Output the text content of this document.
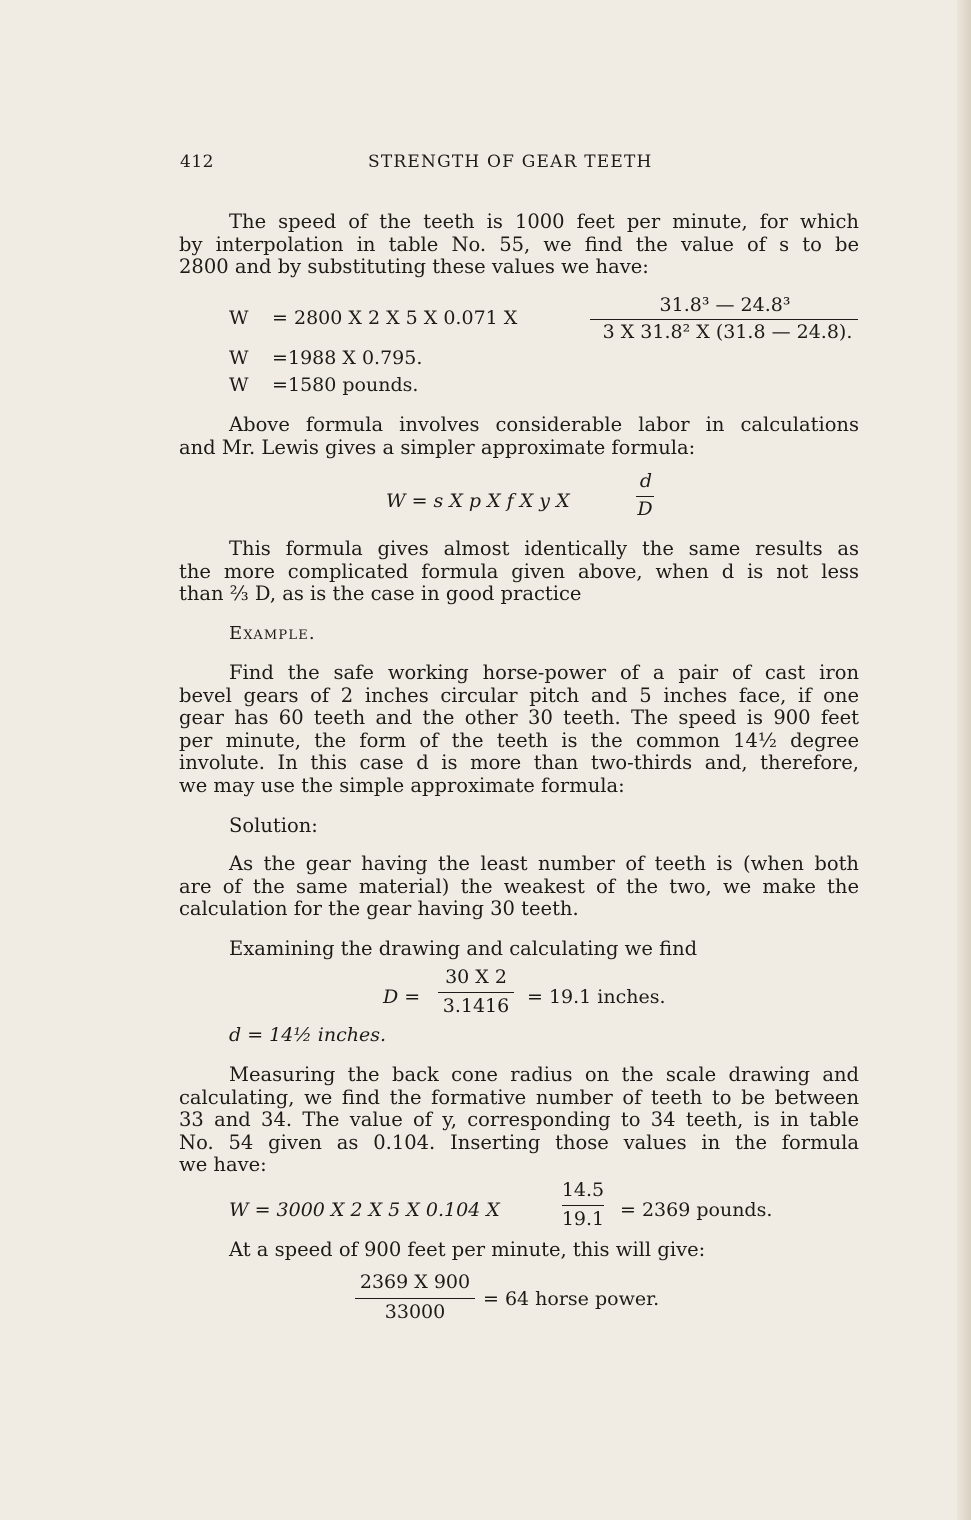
412	STRENGTH OF GEAR TEETH
The speed of the teeth is 1000 feet per minute, for which
by interpolation in table No. 55, we find the value of s to be
2800 and by substituting these values we have:
W = 2800 X 2 X 5 X 0.071 X
31.8³ — 24.8³
3 X 31.8² X (31.8 — 24.8).
W = 1988 X 0.795.
W = 1580 pounds.
Above formula involves considerable labor in calculations
and Mr. Lewis gives a simpler approximate formula:
W = s X p X f X y X
d
D
This formula gives almost identically the same results as
the more complicated formula given above, when d is not less
than ⅔ D, as is the case in good practice
Example.
Find the safe working horse-power of a pair of cast iron
bevel gears of 2 inches circular pitch and 5 inches face, if one
gear has 60 teeth and the other 30 teeth. The speed is 900 feet
per minute, the form of the teeth is the common 14½ degree
involute. In this case d is more than two-thirds and, therefore,
we may use the simple approximate formula:
Solution:
As the gear having the least number of teeth is (when both
are of the same material) the weakest of the two, we make the
calculation for the gear having 30 teeth.
Examining the drawing and calculating we find
D =
30 X 2
3.1416 = 19.1 inches.
d = 14½ inches.
Measuring the back cone radius on the scale drawing and
calculating, we find the formative number of teeth to be between
33 and 34. The value of y, corresponding to 34 teeth, is in table
No. 54 given as 0.104. Inserting those values in the formula
we have:
W = 3000 X 2 X 5 X 0.104 X
14.5
19.1 = 2369 pounds.
At a speed of 900 feet per minute, this will give:
2369 X 900
33000
= 64 horse power.
